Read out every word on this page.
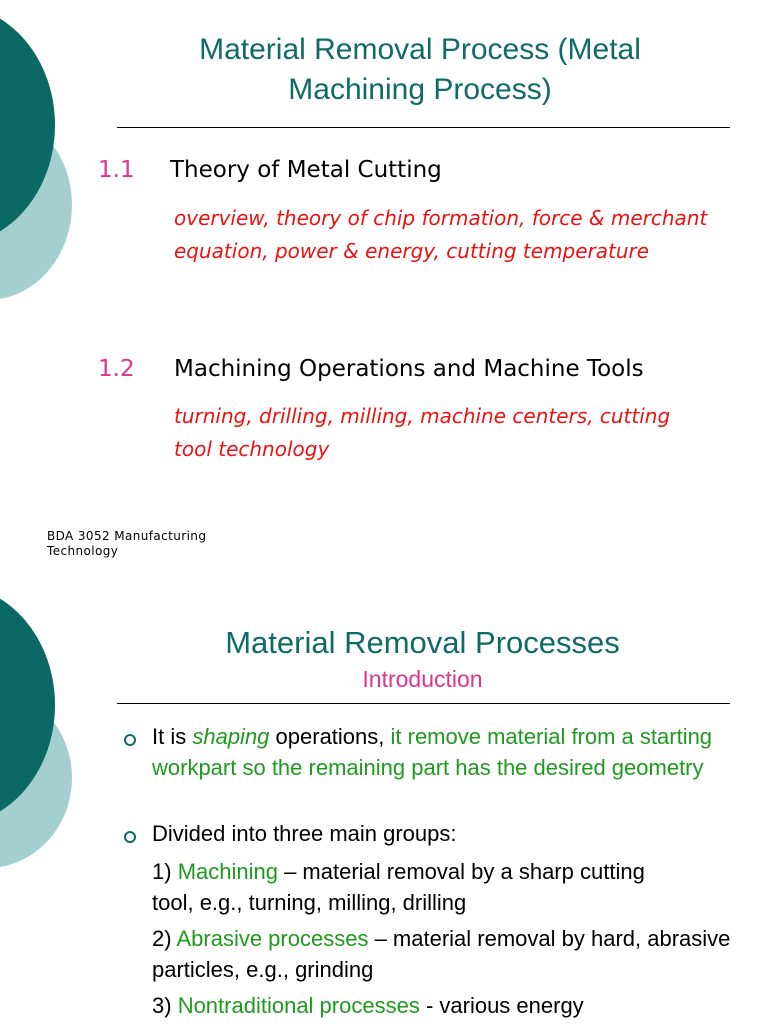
Material Removal Process (Metal Machining Process)
1.1 Theory of Metal Cutting
overview, theory of chip formation, force & merchant equation, power & energy, cutting temperature
1.2 Machining Operations and Machine Tools
turning, drilling, milling, machine centers, cutting tool technology
BDA 3052 Manufacturing Technology
Material Removal Processes
Introduction
It is shaping operations, it remove material from a starting workpart so the remaining part has the desired geometry
Divided into three main groups:
1) Machining – material removal by a sharp cutting tool, e.g., turning, milling, drilling
2) Abrasive processes – material removal by hard, abrasive particles, e.g., grinding
3) Nontraditional processes - various energy
